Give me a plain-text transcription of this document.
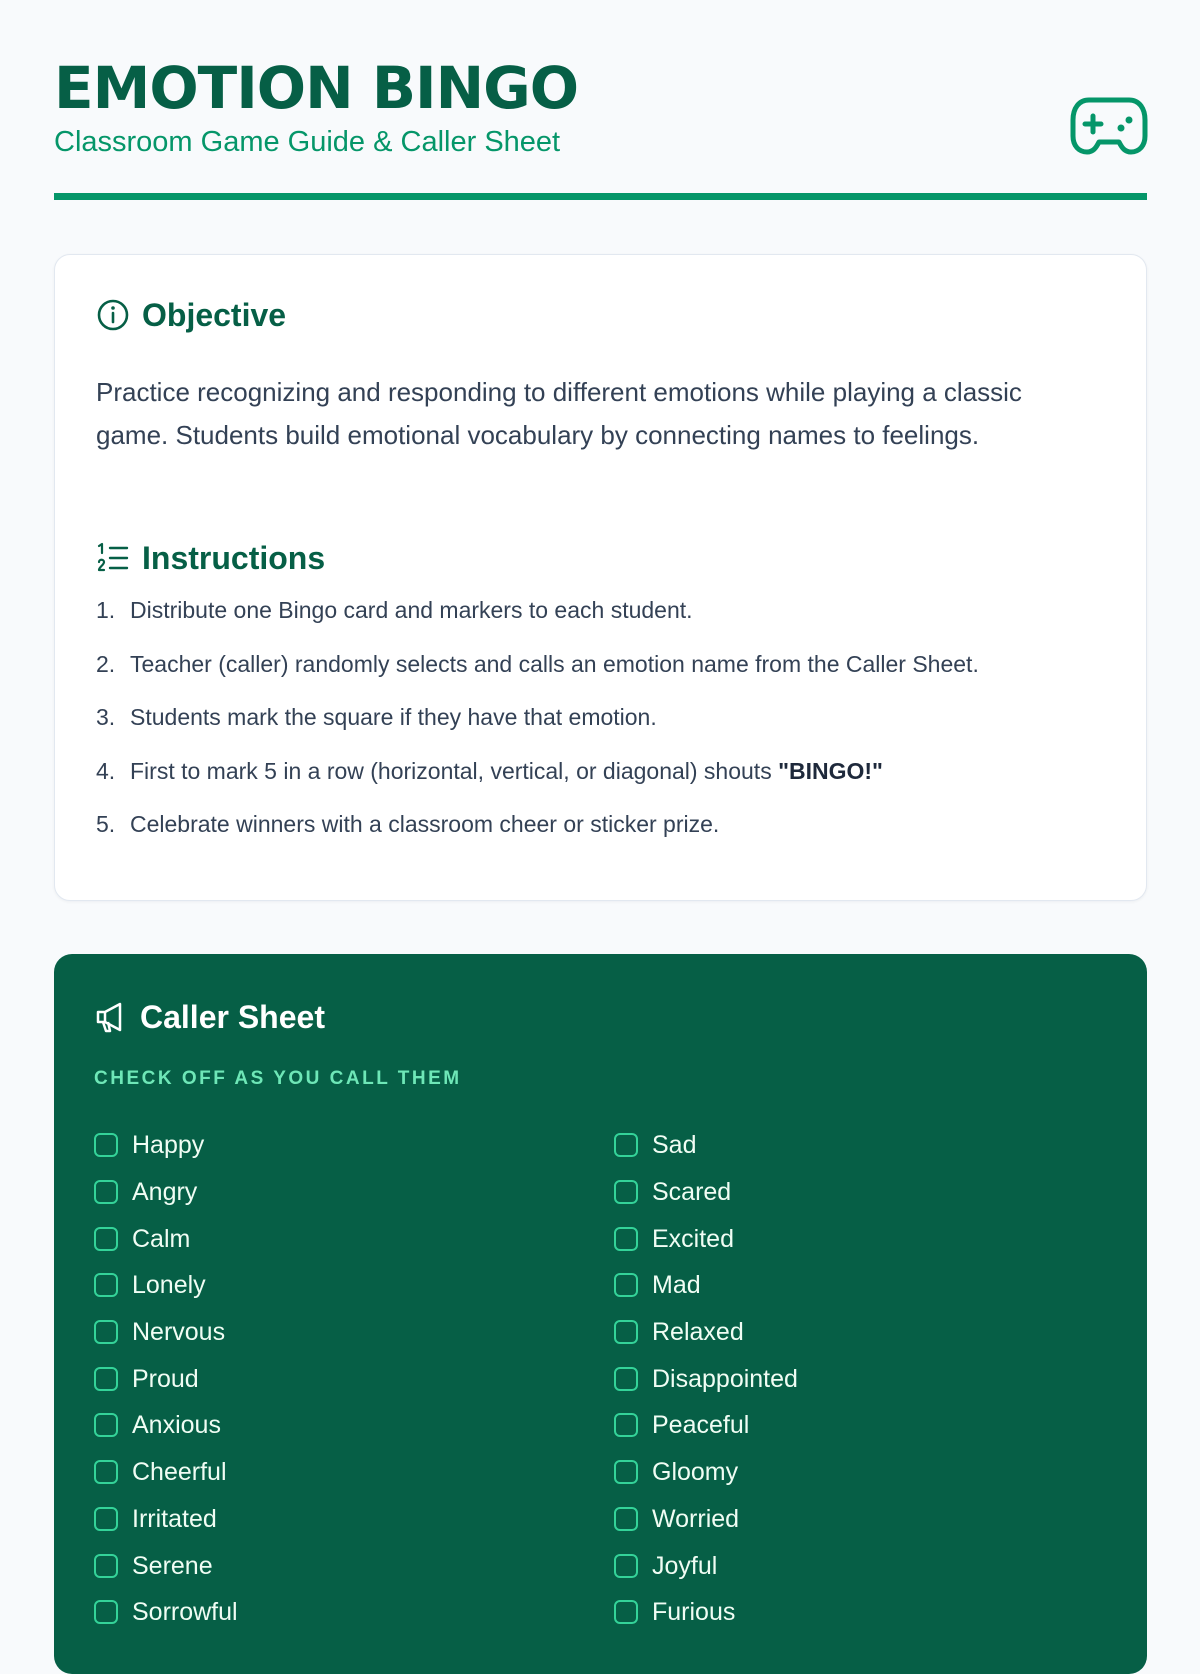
EMOTION BINGO
Classroom Game Guide & Caller Sheet
Objective

Practice recognizing and responding to different emotions while playing a classic game. Students build emotional vocabulary by connecting names to feelings.

Instructions
1. Distribute one Bingo card and markers to each student.
2. Teacher (caller) randomly selects and calls an emotion name from the Caller Sheet.
3. Students mark the square if they have that emotion.
4. First to mark 5 in a row (horizontal, vertical, or diagonal) shouts "BINGO!"
5. Celebrate winners with a classroom cheer or sticker prize.
Caller Sheet
CHECK OFF AS YOU CALL THEM
Happy	Sad
Angry	Scared
Calm	Excited
Lonely	Mad
Nervous	Relaxed
Proud	Disappointed
Anxious	Peaceful
Cheerful	Gloomy
Irritated	Worried
Serene	Joyful
Sorrowful	Furious
